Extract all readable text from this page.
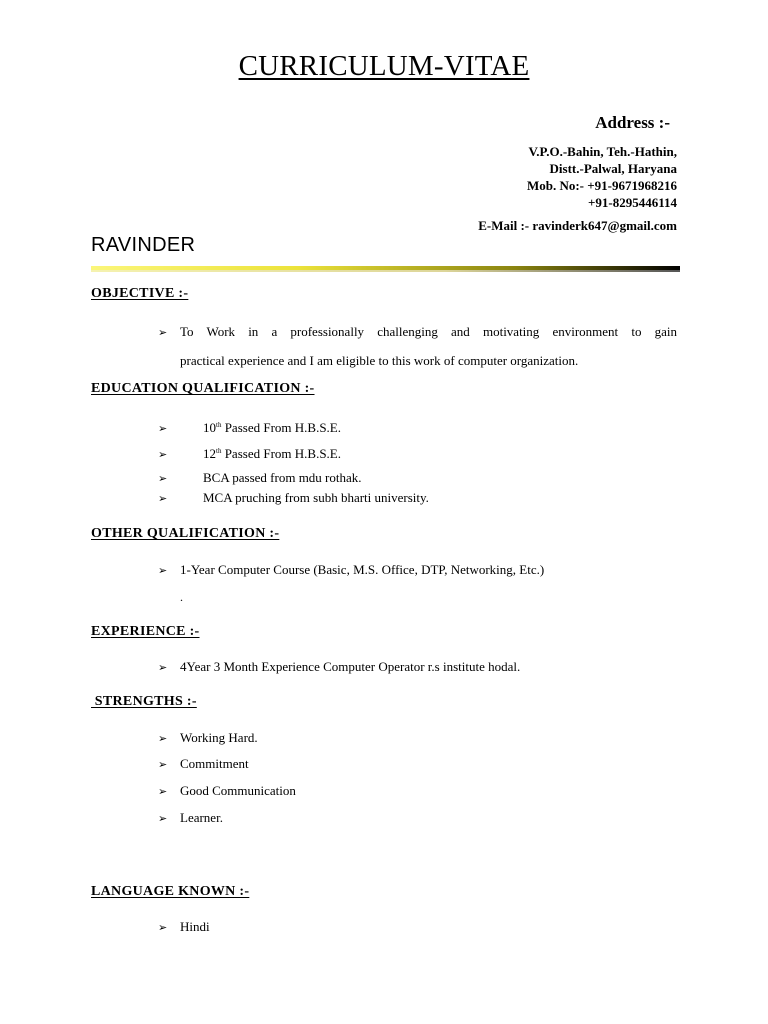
CURRICULUM-VITAE
Address :-
V.P.O.-Bahin, Teh.-Hathin,
Distt.-Palwal, Haryana
Mob. No:- +91-9671968216
+91-8295446114
E-Mail :- ravinderk647@gmail.com
RAVINDER
OBJECTIVE :-
➢ To Work in a professionally challenging and motivating environment to gain
practical experience and I am eligible to this work of computer organization.
EDUCATION QUALIFICATION :-
➢	10th Passed From H.B.S.E.
➢	12th Passed From H.B.S.E.
➢	BCA passed from mdu rothak.
➢	MCA pruching from subh bharti university.
OTHER QUALIFICATION :-
➢ 1-Year Computer Course (Basic, M.S. Office, DTP, Networking, Etc.)
.
EXPERIENCE :-
➢ 4Year 3 Month Experience Computer Operator r.s institute hodal.
STRENGTHS :-
➢ Working Hard.
➢ Commitment
➢ Good Communication
➢ Learner.
LANGUAGE KNOWN :-
➢ Hindi
